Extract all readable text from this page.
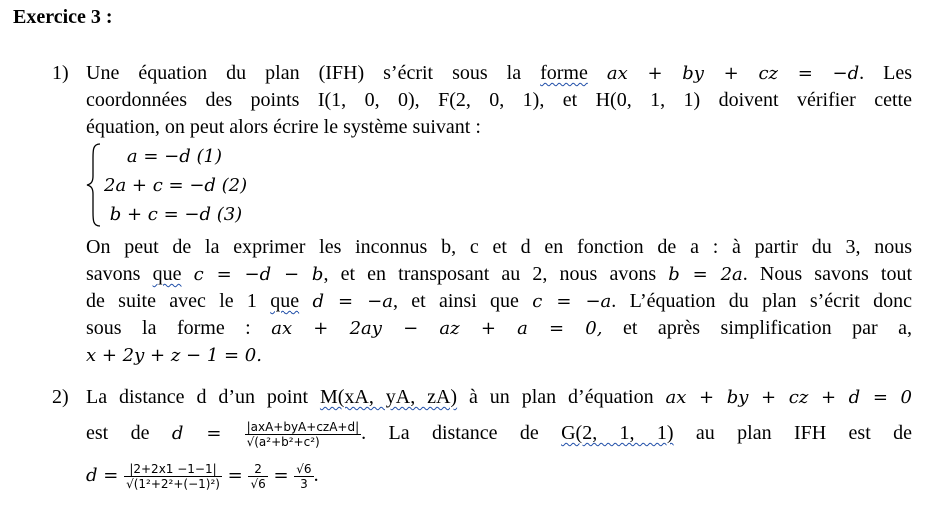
Exercice 3 :
1) Une équation du plan (IFH) s’écrit sous la forme ax + by + cz = −d. Les
coordonnées des points I(1, 0, 0), F(2, 0, 1), et H(0, 1, 1) doivent vérifier cette
équation, on peut alors écrire le système suivant :
a = −d (1)
2a + c = −d (2)
b + c = −d (3)
On peut de la exprimer les inconnus b, c et d en fonction de a : à partir du 3, nous
savons que c = −d − b, et en transposant au 2, nous avons b = 2a. Nous savons tout
de suite avec le 1 que d = −a, et ainsi que c = −a. L’équation du plan s’écrit donc
sous la forme : ax + 2ay − az + a = 0, et après simplification par a,
x + 2y + z − 1 = 0.
2) La distance d d’un point M(xA, yA, zA) à un plan d’équation ax + by + cz + d = 0
est de $d = \frac{\text{|axA+byA+czA+d|}}{\text{√(a²+b²+c²)}}$ . La distance de G(2, 1, 1) au plan IFH est de
$d = \frac{|2+2x1 -1-1|}{\text{√(1²+2²+(−1)²)}} = \frac{2}{√6} = \frac{√6}{3}$ .
